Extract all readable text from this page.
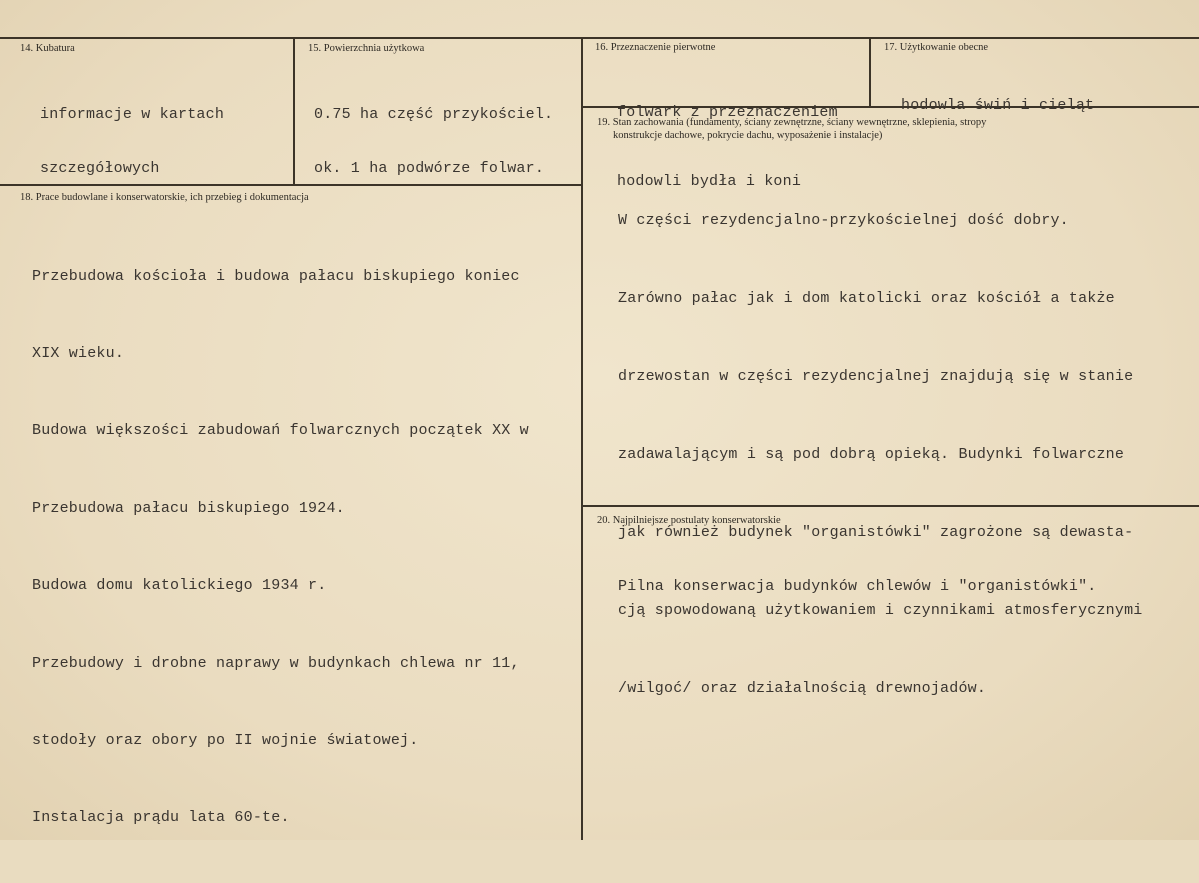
14. Kubatura

informacje w kartach

szczegółowych

15. Powierzchnia użytkowa

0.75 ha część przykościel.

ok. 1 ha podwórze folwar.

16. Przeznaczenie pierwotne

folwark z przeznaczeniem

hodowli bydła i koni

17. Użytkowanie obecne

hodowla świń i cieląt

18. Prace budowlane i konserwatorskie, ich przebieg i dokumentacja

Przebudowa kościoła i budowa pałacu biskupiego koniec

XIX wieku.

Budowa większości zabudowań folwarcznych początek XX w

Przebudowa pałacu biskupiego 1924.

Budowa domu katolickiego 1934 r.

Przebudowy i drobne naprawy w budynkach chlewa nr 11,

stodoły oraz obory po II wojnie światowej.

Instalacja prądu lata 60-te.

19. Stan zachowania (fundamenty, ściany zewnętrzne, ściany wewnętrzne, sklepienia, stropy
konstrukcje dachowe, pokrycie dachu, wyposażenie i instalacje)

W części rezydencjalno-przykościelnej dość dobry.

Zarówno pałac jak i dom katolicki oraz kościół a także

drzewostan w części rezydencjalnej znajdują się w stanie

zadawalającym i są pod dobrą opieką. Budynki folwarczne

jak również budynek "organistówki" zagrożone są dewasta-

cją spowodowaną użytkowaniem i czynnikami atmosferycznymi

/wilgoć/ oraz działalnością drewnojadów.

20. Najpilniejsze postulaty konserwatorskie

Pilna konserwacja budynków chlewów i "organistówki".
